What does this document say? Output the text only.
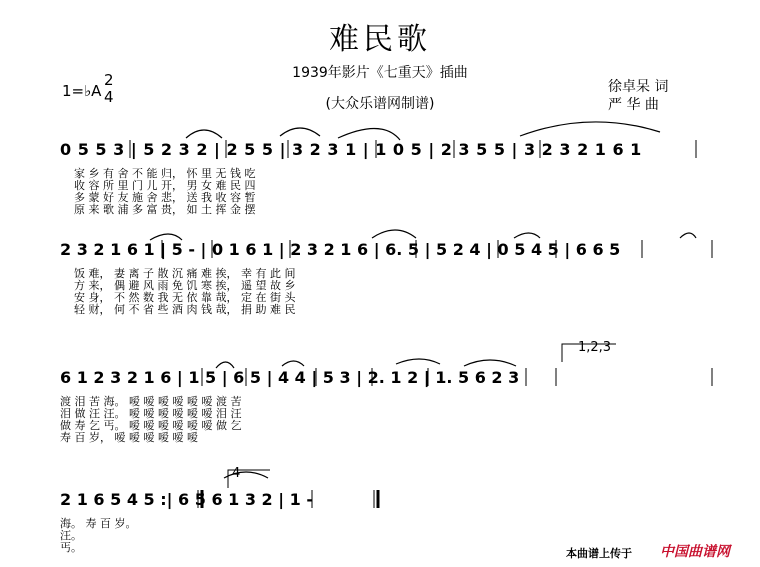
难民歌
1939年影片《七重天》插曲
(大众乐谱网制谱)
1=♭A
2
4
徐卓呆 词
严 华 曲
1,2,3
4
0 5 5 3 | 5 2 3 2 | 2 5 5 | 3 2 3 1 | 1 0 5 | 2 3 5 5 | 3 2 3 2 1 6 1
家 乡 有 舍 不 能 归， 怀 里 无 钱 吃
收 容 所 里 门 儿 开， 男 女 难 民 四
多 蒙 好 友 施 舍 悲， 送 我 收 容 暂
原 来 歌 浦 多 富 贵， 如 土 挥 金 摆
2 3 2 1 6 1 | 5 - | 0 1 6 1 | 2 3 2 1 6 | 6. 5 | 5 2 4 | 0 5 4 5 | 6 6 5
饭 难， 妻 离 子 散 沉 痛 难 挨， 幸 有 此 间
方 来， 偶 避 风 雨 免 饥 寒 挨， 遥 望 故 乡
安 身， 不 然 数 我 无 依 靠 哉， 定 在 街 头
轻 财， 何 不 省 些 酒 肉 钱 哉， 捐 助 难 民
6 1 2 3 2 1 6 | 1 5 | 6 5 | 4 4 | 5 3 | 2. 1 2 | 1. 5 6 2 3
渡 泪 苦 海。 嗳 嗳 嗳 嗳 嗳 嗳 渡 苦
泪 做 汪 汪。 嗳 嗳 嗳 嗳 嗳 嗳 泪 汪
做 寿 乞 丐。 嗳 嗳 嗳 嗳 嗳 嗳 做 乞
寿 百 岁， 嗳 嗳 嗳 嗳 嗳 嗳
2 1 6 5 4 5 :| 6 5 6 1 3 2 | 1 -
海。 寿 百 岁。
汪。
丐。	本曲谱上传于 中国曲谱网
